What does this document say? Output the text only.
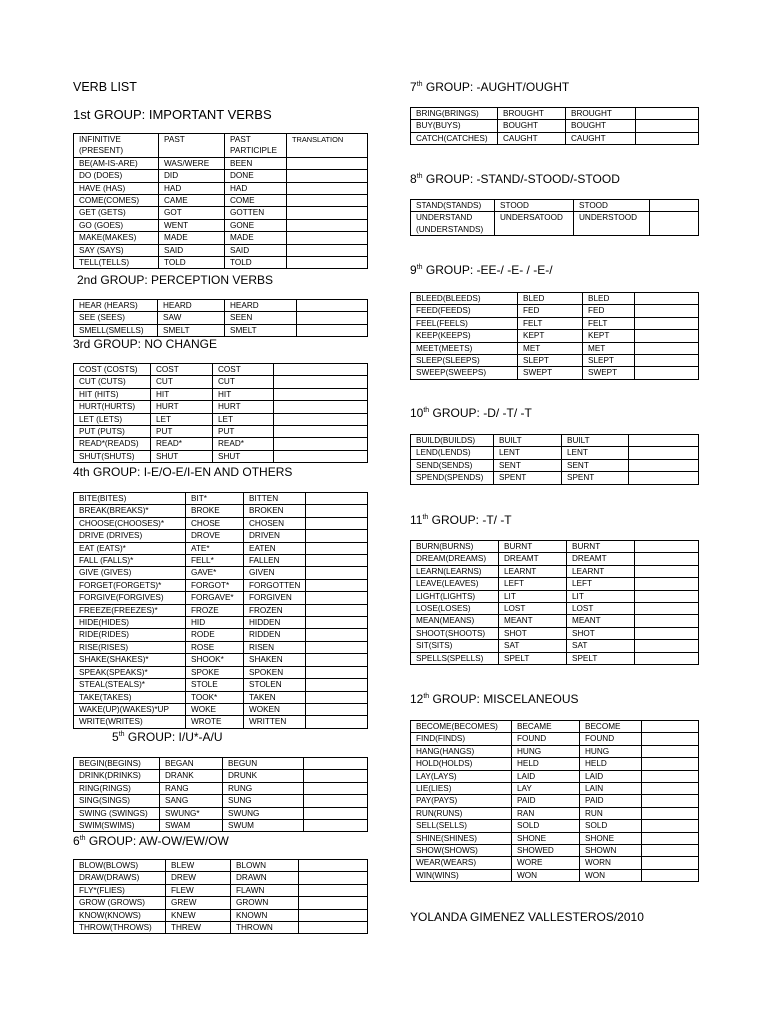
VERB LIST
1st GROUP: IMPORTANT VERBS
INFINITIVE (PRESENT)	PAST	PAST PARTICIPLE	TRANSLATION
BE(AM-IS-ARE)	WAS/WERE	BEEN	
DO (DOES)	DID	DONE	
HAVE (HAS)	HAD	HAD	
COME(COMES)	CAME	COME	
GET (GETS)	GOT	GOTTEN	
GO (GOES)	WENT	GONE	
MAKE(MAKES)	MADE	MADE	
SAY (SAYS)	SAID	SAID	
TELL(TELLS)	TOLD	TOLD	
2nd GROUP: PERCEPTION VERBS
HEAR (HEARS)	HEARD	HEARD	
SEE (SEES)	SAW	SEEN	
SMELL(SMELLS)	SMELT	SMELT	
3rd GROUP: NO CHANGE
COST (COSTS)	COST	COST	
CUT (CUTS)	CUT	CUT	
HIT (HITS)	HIT	HIT	
HURT(HURTS)	HURT	HURT	
LET (LETS)	LET	LET	
PUT (PUTS)	PUT	PUT	
READ*(READS)	READ*	READ*	
SHUT(SHUTS)	SHUT	SHUT	
4th GROUP: I-E/O-E/I-EN AND OTHERS
BITE(BITES)	BIT*	BITTEN	
BREAK(BREAKS)*	BROKE	BROKEN	
CHOOSE(CHOOSES)*	CHOSE	CHOSEN	
DRIVE (DRIVES)	DROVE	DRIVEN	
EAT (EATS)*	ATE*	EATEN	
FALL (FALLS)*	FELL*	FALLEN	
GIVE (GIVES)	GAVE*	GIVEN	
FORGET(FORGETS)*	FORGOT*	FORGOTTEN	
FORGIVE(FORGIVES)	FORGAVE*	FORGIVEN	
FREEZE(FREEZES)*	FROZE	FROZEN	
HIDE(HIDES)	HID	HIDDEN	
RIDE(RIDES)	RODE	RIDDEN	
RISE(RISES)	ROSE	RISEN	
SHAKE(SHAKES)*	SHOOK*	SHAKEN	
SPEAK(SPEAKS)*	SPOKE	SPOKEN	
STEAL(STEALS)*	STOLE	STOLEN	
TAKE(TAKES)	TOOK*	TAKEN	
WAKE(UP)(WAKES)*UP	WOKE	WOKEN	
WRITE(WRITES)	WROTE	WRITTEN	
5th GROUP: I/U*-A/U
BEGIN(BEGINS)	BEGAN	BEGUN	
DRINK(DRINKS)	DRANK	DRUNK	
RING(RINGS)	RANG	RUNG	
SING(SINGS)	SANG	SUNG	
SWING (SWINGS)	SWUNG*	SWUNG	
SWIM(SWIMS)	SWAM	SWUM	
6th GROUP: AW-OW/EW/OW
BLOW(BLOWS)	BLEW	BLOWN	
DRAW(DRAWS)	DREW	DRAWN	
FLY*(FLIES)	FLEW	FLAWN	
GROW (GROWS)	GREW	GROWN	
KNOW(KNOWS)	KNEW	KNOWN	
THROW(THROWS)	THREW	THROWN	
7th GROUP: -AUGHT/OUGHT
BRING(BRINGS)	BROUGHT	BROUGHT	
BUY(BUYS)	BOUGHT	BOUGHT	
CATCH(CATCHES)	CAUGHT	CAUGHT	
8th GROUP: -STAND/-STOOD/-STOOD
STAND(STANDS)	STOOD	STOOD	
UNDERSTAND (UNDERSTANDS)	UNDERSATOOD	UNDERSTOOD	
9th GROUP: -EE-/ -E- / -E-/
BLEED(BLEEDS)	BLED	BLED	
FEED(FEEDS)	FED	FED	
FEEL(FEELS)	FELT	FELT	
KEEP(KEEPS)	KEPT	KEPT	
MEET(MEETS)	MET	MET	
SLEEP(SLEEPS)	SLEPT	SLEPT	
SWEEP(SWEEPS)	SWEPT	SWEPT	
10th GROUP: -D/ -T/ -T
BUILD(BUILDS)	BUILT	BUILT	
LEND(LENDS)	LENT	LENT	
SEND(SENDS)	SENT	SENT	
SPEND(SPENDS)	SPENT	SPENT	
11th GROUP: -T/ -T
BURN(BURNS)	BURNT	BURNT	
DREAM(DREAMS)	DREAMT	DREAMT	
LEARN(LEARNS)	LEARNT	LEARNT	
LEAVE(LEAVES)	LEFT	LEFT	
LIGHT(LIGHTS)	LIT	LIT	
LOSE(LOSES)	LOST	LOST	
MEAN(MEANS)	MEANT	MEANT	
SHOOT(SHOOTS)	SHOT	SHOT	
SIT(SITS)	SAT	SAT	
SPELLS(SPELLS)	SPELT	SPELT	
12th GROUP: MISCELANEOUS
BECOME(BECOMES)	BECAME	BECOME	
FIND(FINDS)	FOUND	FOUND	
HANG(HANGS)	HUNG	HUNG	
HOLD(HOLDS)	HELD	HELD	
LAY(LAYS)	LAID	LAID	
LIE(LIES)	LAY	LAIN	
PAY(PAYS)	PAID	PAID	
RUN(RUNS)	RAN	RUN	
SELL(SELLS)	SOLD	SOLD	
SHINE(SHINES)	SHONE	SHONE	
SHOW(SHOWS)	SHOWED	SHOWN	
WEAR(WEARS)	WORE	WORN	
WIN(WINS)	WON	WON	
YOLANDA GIMENEZ VALLESTEROS/2010
